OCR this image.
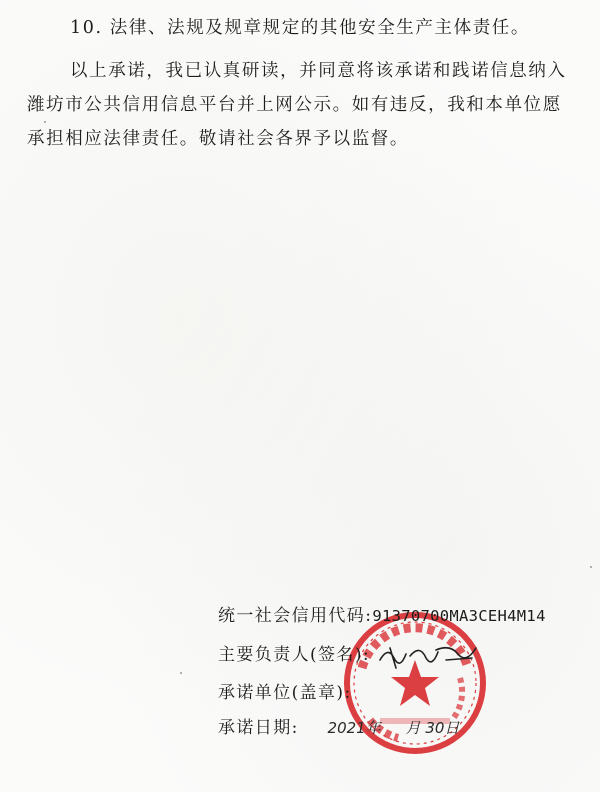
10. 法律、法规及规章规定的其他安全生产主体责任。
以上承诺，我已认真研读，并同意将该承诺和践诺信息纳入
潍坊市公共信用信息平台并上网公示。如有违反，我和本单位愿
承担相应法律责任。敬请社会各界予以监督。
统一社会信用代码:91370700MA3CEH4M14
主要负责人(签名):
承诺单位(盖章):
承诺日期: 2021年 月 30日
